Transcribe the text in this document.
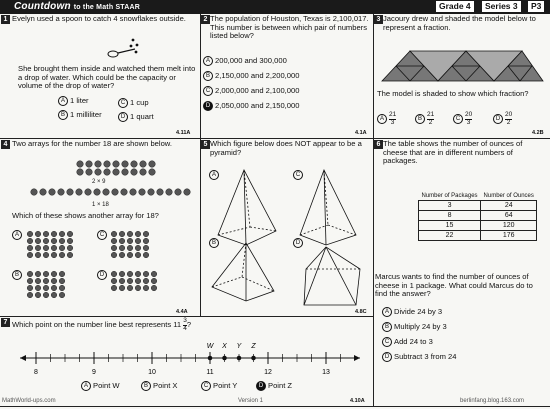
Countdown to the Math STAAR	Grade 4	Series 3	P3
1 Evelyn used a spoon to catch 4 snowflakes outside.
She brought them inside and watched them melt into a drop of water. Which could be the capacity or volume of the drop of water?
A 1 liter	C 1 cup
B 1 milliliter	D 1 quart
4.11A
2 The population of Houston, Texas is 2,100,017. This number is between which pair of numbers listed below?
A 200,000 and 300,000
B 2,150,000 and 2,200,000
C 2,000,000 and 2,100,000
D 2,050,000 and 2,150,000
4.1A
3 Jacoury drew and shaded the model below to represent a fraction.
The model is shaded to show which fraction?
A $\frac{21}{3}$	B $\frac{21}{2}$	C $\frac{20}{3}$	D $\frac{20}{2}$
4.2B
4 Two arrays for the number 18 are shown below.
2 × 9
1 × 18
Which of these shows another array for 18?
A	C
B	D
4.4A
5 Which figure below does NOT appear to be a pyramid?
A
B
C
D
4.8C
6 The table shows the number of ounces of cheese that are in different numbers of packages.
Number of Packages	Number of Ounces
3	24
8	64
15	120
22	176
Marcus wants to find the number of ounces of cheese in 1 package. What could Marcus do to find the answer?
A Divide 24 by 3
B Multiply 24 by 3
C Add 24 to 3
D Subtract 3 from 24
7 Which point on the number line best represents $11 \frac{3}{4}$ ?
8	9	10	11	12	13
W X Y Z
A Point W	B Point X	C Point Y	D Point Z
4.10A
MathWorld-ups.com	Version 1	berlinfang.blog.163.com
